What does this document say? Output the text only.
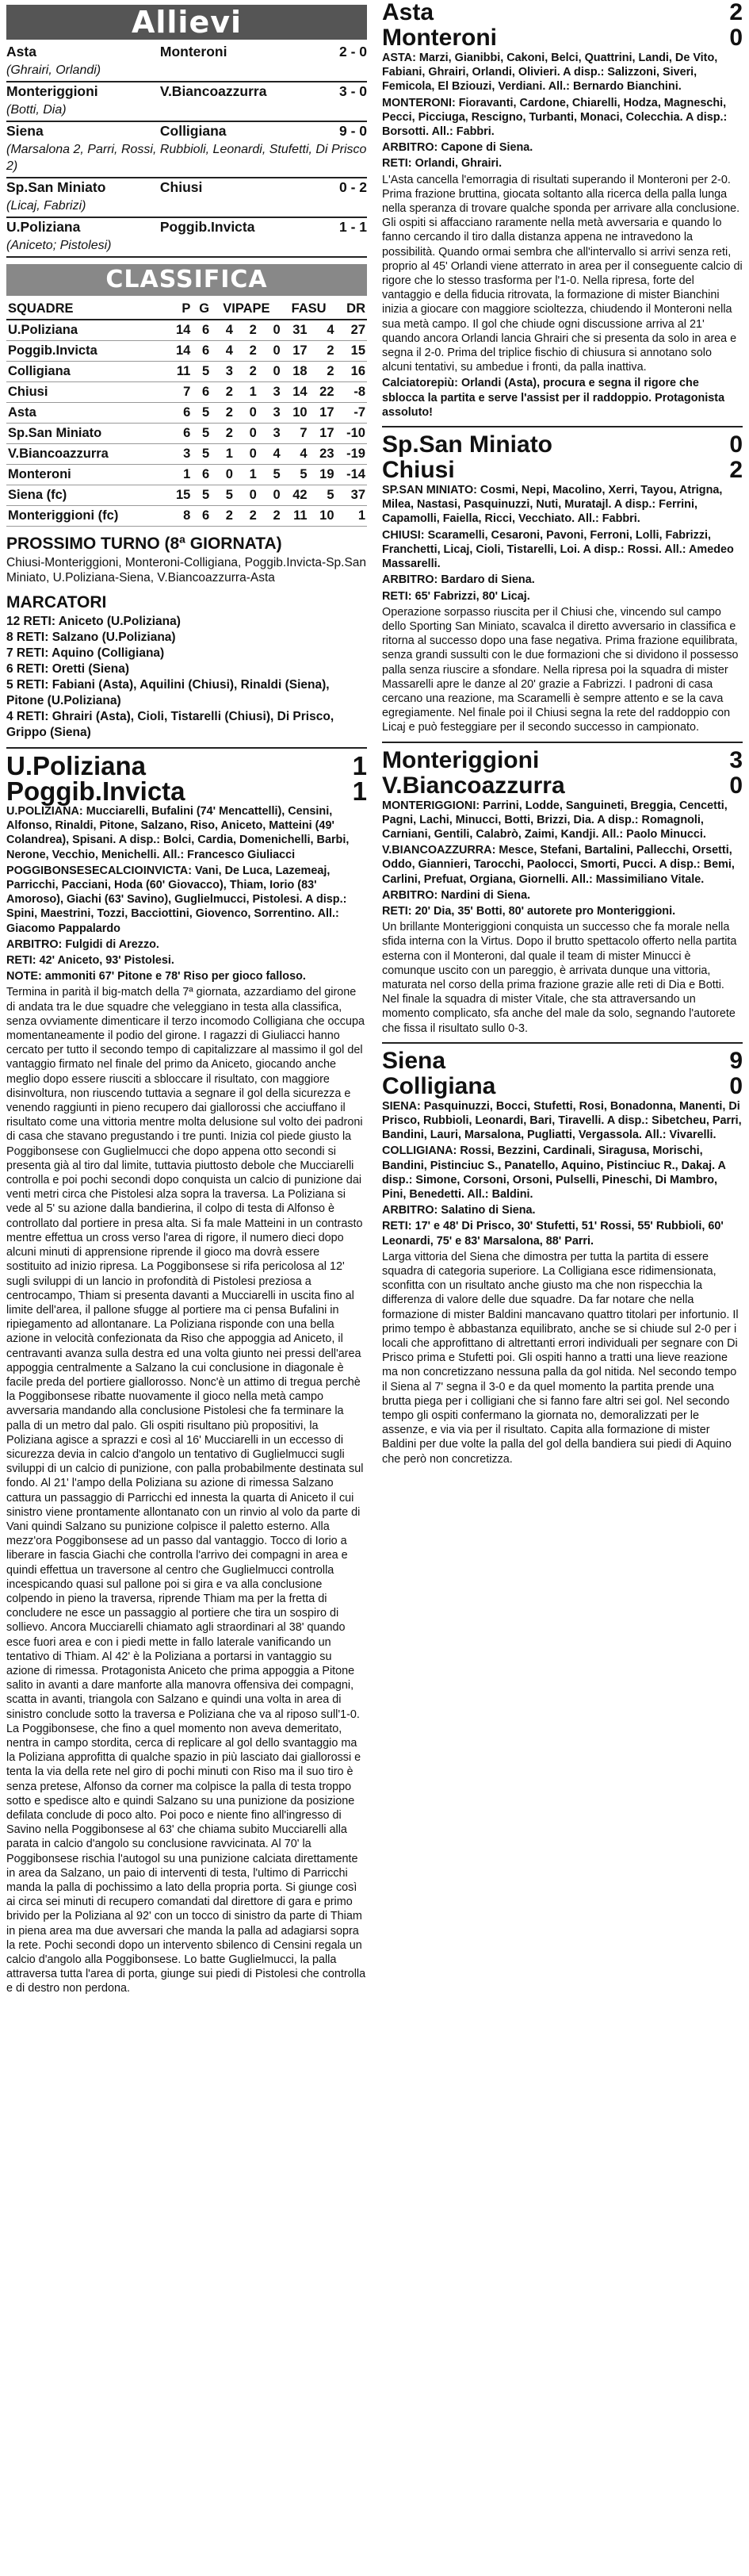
Allievi
Asta	Monteroni	2 - 0
(Ghrairi, Orlandi)		
Monteriggioni	V.Biancoazzurra	3 - 0
(Botti, Dia)		
Siena	Colligiana	9 - 0
(Marsalona 2, Parri, Rossi, Rubbioli, Leonardi, Stufetti, Di Prisco 2)		
Sp.San Miniato	Chiusi	0 - 2
(Licaj, Fabrizi)		
U.Poliziana	Poggib.Invicta	1 - 1
(Aniceto; Pistolesi)		
CLASSIFICA
SQUADRE	P	G	VIPAPE			FASU		DR
U.Poliziana	14	6	4	2	0	31	4	27
Poggib.Invicta	14	6	4	2	0	17	2	15
Colligiana	11	5	3	2	0	18	2	16
Chiusi	7	6	2	1	3	14	22	-8
Asta	6	5	2	0	3	10	17	-7
Sp.San Miniato	6	5	2	0	3	7	17	-10
V.Biancoazzurra	3	5	1	0	4	4	23	-19
Monteroni	1	6	0	1	5	5	19	-14
Siena (fc)	15	5	5	0	0	42	5	37
Monteriggioni (fc)	8	6	2	2	2	11	10	1
PROSSIMO TURNO (8ª GIORNATA)

Chiusi-Monteriggioni, Monteroni-Colligiana, Poggib.Invicta-Sp.San Miniato, U.Poliziana-Siena, V.Biancoazzurra-Asta

MARCATORI

12 RETI: Aniceto (U.Poliziana)

8 RETI: Salzano (U.Poliziana)

7 RETI: Aquino (Colligiana)

6 RETI: Oretti (Siena)

5 RETI: Fabiani (Asta), Aquilini (Chiusi), Rinaldi (Siena), Pitone (U.Poliziana)

4 RETI: Ghrairi (Asta), Cioli, Tistarelli (Chiusi), Di Prisco, Grippo (Siena)

U.Poliziana	1
Poggib.Invicta	1

U.POLIZIANA: Mucciarelli, Bufalini (74' Mencattelli), Censini, Alfonso, Rinaldi, Pitone, Salzano, Riso, Aniceto, Matteini (49' Colandrea), Spisani. A disp.: Bolci, Cardia, Domenichelli, Barbi, Nerone, Vecchio, Menichelli. All.: Francesco Giuliacci

POGGIBONSESECALCIOINVICTA: Vani, De Luca, Lazemeaj, Parricchi, Pacciani, Hoda (60' Giovacco), Thiam, Iorio (83' Amoroso), Giachi (63' Savino), Guglielmucci, Pistolesi. A disp.: Spini, Maestrini, Tozzi, Bacciottini, Giovenco, Sorrentino. All.: Giacomo Pappalardo

ARBITRO: Fulgidi di Arezzo.

RETI: 42' Aniceto, 93' Pistolesi.

NOTE: ammoniti 67' Pitone e 78' Riso per gioco falloso.

Termina in parità il big-match della 7ª giornata, azzardiamo del girone di andata tra le due squadre che veleggiano in testa alla classifica, senza ovviamente dimenticare il terzo incomodo Colligiana che occupa momentaneamente il podio del girone. I ragazzi di Giuliacci hanno cercato per tutto il secondo tempo di capitalizzare al massimo il gol del vantaggio firmato nel finale del primo da Aniceto, giocando anche meglio dopo essere riusciti a sbloccare il risultato, con maggiore disinvoltura, non riuscendo tuttavia a segnare il gol della sicurezza e venendo raggiunti in pieno recupero dai giallorossi che acciuffano il risultato come una vittoria mentre molta delusione sul volto dei padroni di casa che stavano pregustando i tre punti. Inizia col piede giusto la Poggibonsese con Guglielmucci che dopo appena otto secondi si presenta già al tiro dal limite, tuttavia piuttosto debole che Mucciarelli controlla e poi pochi secondi dopo conquista un calcio di punizione dai venti metri circa che Pistolesi alza sopra la traversa. La Poliziana si vede al 5' su azione dalla bandierina, il colpo di testa di Alfonso è controllato dal portiere in presa alta. Si fa male Matteini in un contrasto mentre effettua un cross verso l'area di rigore, il numero dieci dopo alcuni minuti di apprensione riprende il gioco ma dovrà essere sostituito ad inizio ripresa. La Poggibonsese si rifa pericolosa al 12' sugli sviluppi di un lancio in profondità di Pistolesi preziosa a centrocampo, Thiam si presenta davanti a Mucciarelli in uscita fino al limite dell'area, il pallone sfugge al portiere ma ci pensa Bufalini in ripiegamento ad allontanare. La Poliziana risponde con una bella azione in velocità confezionata da Riso che appoggia ad Aniceto, il centravanti avanza sulla destra ed una volta giunto nei pressi dell'area appoggia centralmente a Salzano la cui conclusione in diagonale è facile preda del portiere giallorosso. Nonc'è un attimo di tregua perchè la Poggibonsese ribatte nuovamente il gioco nella metà campo avversaria mandando alla conclusione Pistolesi che fa terminare la palla di un metro dal palo. Gli ospiti risultano più propositivi, la Poliziana agisce a sprazzi e così al 16' Mucciarelli in un eccesso di sicurezza devia in calcio d'angolo un tentativo di Guglielmucci sugli sviluppi di un calcio di punizione, con palla probabilmente destinata sul fondo. Al 21' l'ampo della Poliziana su azione di rimessa Salzano cattura un passaggio di Parricchi ed innesta la quarta di Aniceto il cui sinistro viene prontamente allontanato con un rinvio al volo da parte di Vani quindi Salzano su punizione colpisce il paletto esterno. Alla mezz'ora Poggibonsese ad un passo dal vantaggio. Tocco di Iorio a liberare in fascia Giachi che controlla l'arrivo dei compagni in area e quindi effettua un traversone al centro che Guglielmucci controlla incespicando quasi sul pallone poi si gira e va alla conclusione colpendo in pieno la traversa, riprende Thiam ma per la fretta di concludere ne esce un passaggio al portiere che tira un sospiro di sollievo. Ancora Mucciarelli chiamato agli straordinari al 38' quando esce fuori area e con i piedi mette in fallo laterale vanificando un tentativo di Thiam. Al 42' è la Poliziana a portarsi in vantaggio su azione di rimessa. Protagonista Aniceto che prima appoggia a Pitone salito in avanti a dare manforte alla manovra offensiva dei compagni, scatta in avanti, triangola con Salzano e quindi una volta in area di sinistro conclude sotto la traversa e Poliziana che va al riposo sull'1-0. La Poggibonsese, che fino a quel momento non aveva demeritato, nentra in campo stordita, cerca di replicare al gol dello svantaggio ma la Poliziana approfitta di qualche spazio in più lasciato dai giallorossi e tenta la via della rete nel giro di pochi minuti con Riso ma il suo tiro è senza pretese, Alfonso da corner ma colpisce la palla di testa troppo sotto e spedisce alto e quindi Salzano su una punizione da posizione defilata conclude di poco alto. Poi poco e niente fino all'ingresso di Savino nella Poggibonsese al 63' che chiama subito Mucciarelli alla parata in calcio d'angolo su conclusione ravvicinata. Al 70' la Poggibonsese rischia l'autogol su una punizione calciata direttamente in area da Salzano, un paio di interventi di testa, l'ultimo di Parricchi manda la palla di pochissimo a lato della propria porta. Si giunge così ai circa sei minuti di recupero comandati dal direttore di gara e primo brivido per la Poliziana al 92' con un tocco di sinistro da parte di Thiam in piena area ma due avversari che manda la palla ad adagiarsi sopra la rete. Pochi secondi dopo un intervento sbilenco di Censini regala un calcio d'angolo alla Poggibonsese. Lo batte Guglielmucci, la palla attraversa tutta l'area di porta, giunge sui piedi di Pistolesi che controlla e di destro non perdona.

Asta	2
Monteroni	0

ASTA: Marzi, Gianibbi, Cakoni, Belci, Quattrini, Landi, De Vito, Fabiani, Ghrairi, Orlandi, Olivieri. A disp.: Salizzoni, Siveri, Femicola, El Bziouzi, Verdiani. All.: Bernardo Bianchini.

MONTERONI: Fioravanti, Cardone, Chiarelli, Hodza, Magneschi, Pecci, Picciuga, Rescigno, Turbanti, Monaci, Colecchia. A disp.: Borsotti. All.: Fabbri.

ARBITRO: Capone di Siena.

RETI: Orlandi, Ghrairi.

L'Asta cancella l'emorragia di risultati superando il Monteroni per 2-0. Prima frazione bruttina, giocata soltanto alla ricerca della palla lunga nella speranza di trovare qualche sponda per arrivare alla conclusione. Gli ospiti si affacciano raramente nella metà avversaria e quando lo fanno cercando il tiro dalla distanza appena ne intravedono la possibilità. Quando ormai sembra che all'intervallo si arrivi senza reti, proprio al 45' Orlandi viene atterrato in area per il conseguente calcio di rigore che lo stesso trasforma per l'1-0. Nella ripresa, forte del vantaggio e della fiducia ritrovata, la formazione di mister Bianchini inizia a giocare con maggiore scioltezza, chiudendo il Monteroni nella sua metà campo. Il gol che chiude ogni discussione arriva al 21' quando ancora Orlandi lancia Ghrairi che si presenta da solo in area e segna il 2-0. Prima del triplice fischio di chiusura si annotano solo alcuni tentativi, su ambedue i fronti, da palla inattiva.

Calciatorepiù: Orlandi (Asta), procura e segna il rigore che sblocca la partita e serve l'assist per il raddoppio. Protagonista assoluto!

Sp.San Miniato	0
Chiusi	2

SP.SAN MINIATO: Cosmi, Nepi, Macolino, Xerri, Tayou, Atrigna, Milea, Nastasi, Pasquinuzzi, Nuti, Muratajl. A disp.: Ferrini, Capamolli, Faiella, Ricci, Vecchiato. All.: Fabbri.

CHIUSI: Scaramelli, Cesaroni, Pavoni, Ferroni, Lolli, Fabrizzi, Franchetti, Licaj, Cioli, Tistarelli, Loi. A disp.: Rossi. All.: Amedeo Massarelli.

ARBITRO: Bardaro di Siena.

RETI: 65' Fabrizzi, 80' Licaj.

Operazione sorpasso riuscita per il Chiusi che, vincendo sul campo dello Sporting San Miniato, scavalca il diretto avversario in classifica e ritorna al successo dopo una fase negativa. Prima frazione equilibrata, senza grandi sussulti con le due formazioni che si dividono il possesso palla senza riuscire a sfondare. Nella ripresa poi la squadra di mister Massarelli apre le danze al 20' grazie a Fabrizzi. I padroni di casa cercano una reazione, ma Scaramelli è sempre attento e se la cava egregiamente. Nel finale poi il Chiusi segna la rete del raddoppio con Licaj e può festeggiare per il secondo successo in campionato.

Monteriggioni	3
V.Biancoazzurra	0

MONTERIGGIONI: Parrini, Lodde, Sanguineti, Breggia, Cencetti, Pagni, Lachi, Minucci, Botti, Brizzi, Dia. A disp.: Romagnoli, Carniani, Gentili, Calabrò, Zaimi, Kandji. All.: Paolo Minucci.

V.BIANCOAZZURRA: Mesce, Stefani, Bartalini, Pallecchi, Orsetti, Oddo, Giannieri, Tarocchi, Paolocci, Smorti, Pucci. A disp.: Bemi, Carlini, Prefuat, Orgiana, Giornelli. All.: Massimiliano Vitale.

ARBITRO: Nardini di Siena.

RETI: 20' Dia, 35' Botti, 80' autorete pro Monteriggioni.

Un brillante Monteriggioni conquista un successo che fa morale nella sfida interna con la Virtus. Dopo il brutto spettacolo offerto nella partita esterna con il Monteroni, dal quale il team di mister Minucci è comunque uscito con un pareggio, è arrivata dunque una vittoria, maturata nel corso della prima frazione grazie alle reti di Dia e Botti. Nel finale la squadra di mister Vitale, che sta attraversando un momento complicato, sfa anche del male da solo, segnando l'autorete che fissa il risultato sullo 0-3.

Siena	9
Colligiana	0

SIENA: Pasquinuzzi, Bocci, Stufetti, Rosi, Bonadonna, Manenti, Di Prisco, Rubbioli, Leonardi, Bari, Tiravelli. A disp.: Sibetcheu, Parri, Bandini, Lauri, Marsalona, Pugliatti, Vergassola. All.: Vivarelli.

COLLIGIANA: Rossi, Bezzini, Cardinali, Siragusa, Morischi, Bandini, Pistinciuc S., Panatello, Aquino, Pistinciuc R., Dakaj. A disp.: Simone, Corsoni, Orsoni, Pulselli, Pineschi, Di Mambro, Pini, Benedetti. All.: Baldini.

ARBITRO: Salatino di Siena.

RETI: 17' e 48' Di Prisco, 30' Stufetti, 51' Rossi, 55' Rubbioli, 60' Leonardi, 75' e 83' Marsalona, 88' Parri.

Larga vittoria del Siena che dimostra per tutta la partita di essere squadra di categoria superiore. La Colligiana esce ridimensionata, sconfitta con un risultato anche giusto ma che non rispecchia la differenza di valore delle due squadre. Da far notare che nella formazione di mister Baldini mancavano quattro titolari per infortunio. Il primo tempo è abbastanza equilibrato, anche se si chiude sul 2-0 per i locali che approfittano di altrettanti errori individuali per segnare con Di Prisco prima e Stufetti poi. Gli ospiti hanno a tratti una lieve reazione ma non concretizzano nessuna palla da gol nitida. Nel secondo tempo il Siena al 7' segna il 3-0 e da quel momento la partita prende una brutta piega per i colligiani che si fanno fare altri sei gol. Nel secondo tempo gli ospiti confermano la giornata no, demoralizzati per le assenze, e via via per il risultato. Capita alla formazione di mister Baldini per due volte la palla del gol della bandiera sui piedi di Aquino che però non concretizza.
